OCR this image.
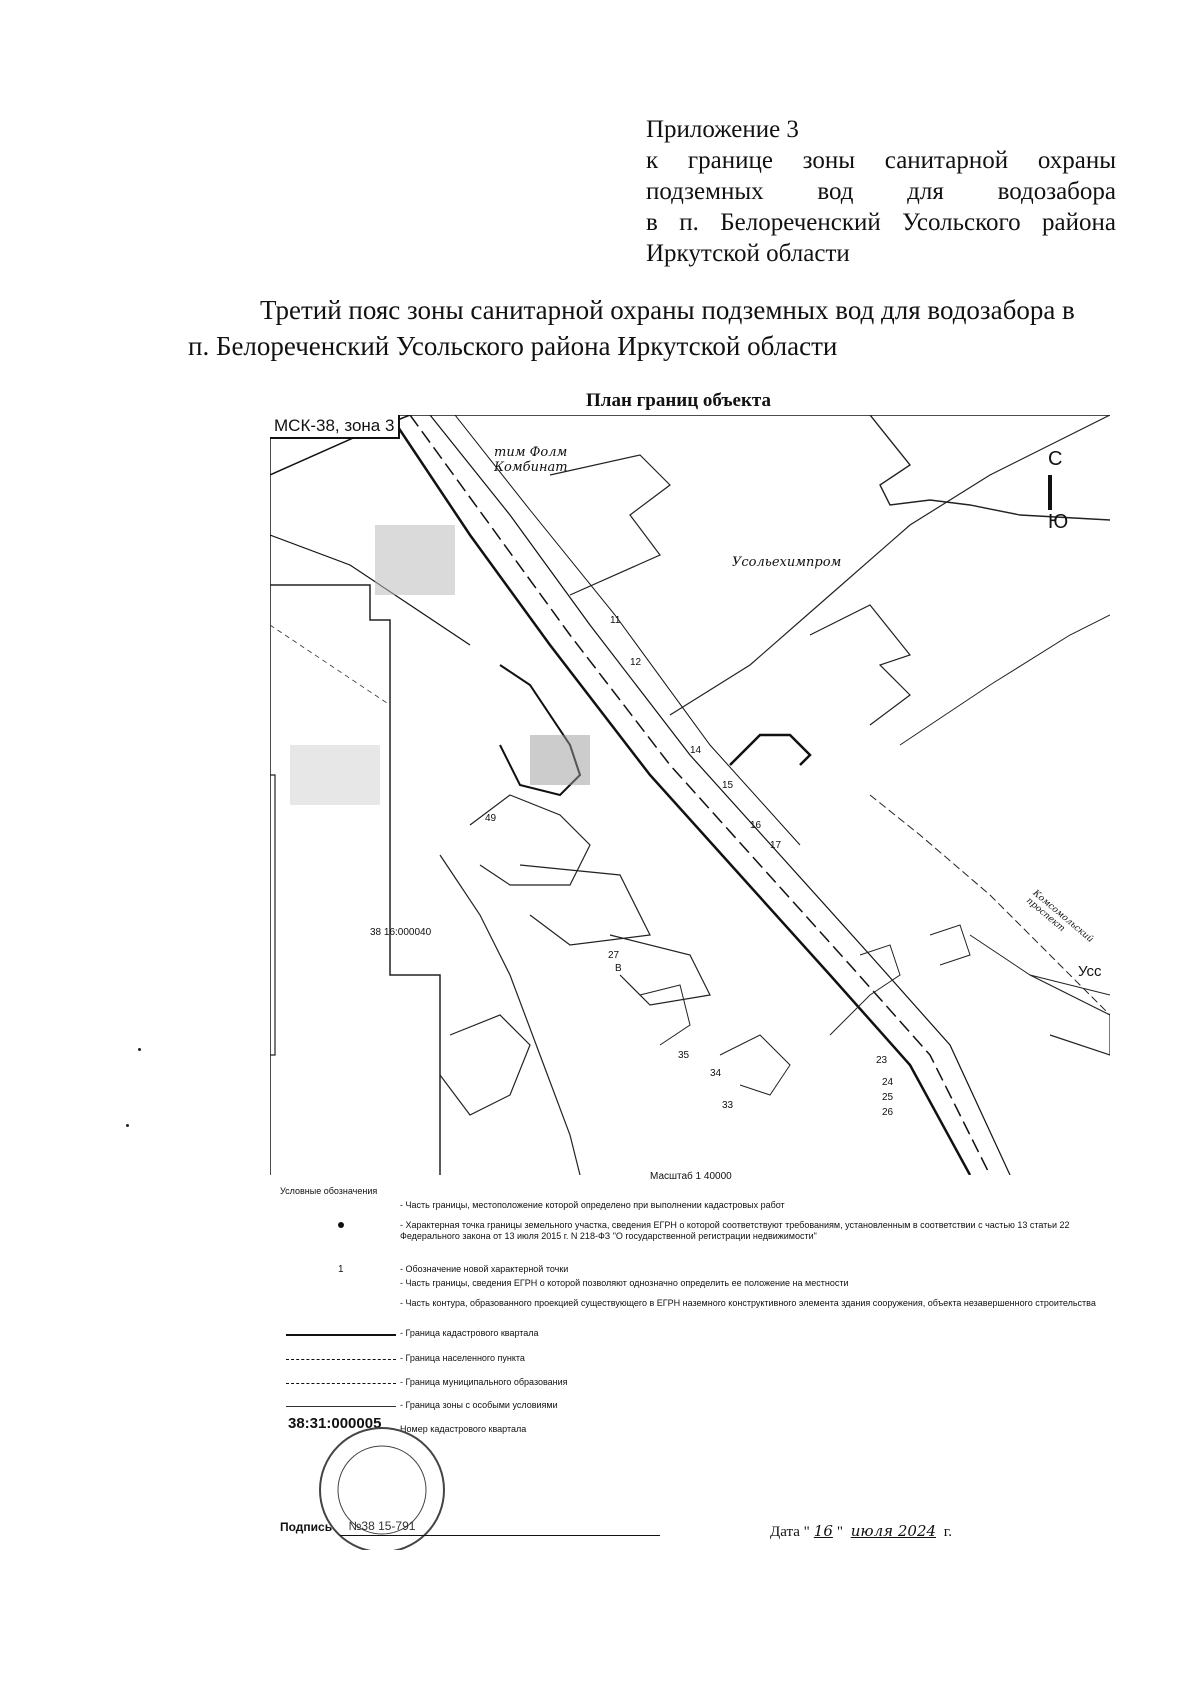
Приложение 3
к границе зоны санитарной охраны
подземных вод для водозабора
в п. Белореченский Усольского района
Иркутской области
Третий пояс зоны санитарной охраны подземных вод для водозабора в
п. Белореченский Усольского района Иркутской области
План границ объекта
МСК-38, зона 3
С
Ю
тим Фолм Комбинат
Усольехимпром
38 16:000040
Усс
Комсомольский проспект
В
11
12
14
15
16
17
23
24
25
26
27
33
34
35
49
Масштаб 1 40000
Условные обозначения
- Часть границы, местоположение которой определено при выполнении кадастровых работ
- Характерная точка границы земельного участка, сведения ЕГРН о которой соответствуют требованиям, установленным в соответствии с частью 13 статьи 22 Федерального закона от 13 июля 2015 г. N 218-ФЗ "О государственной регистрации недвижимости"
1	- Обозначение новой характерной точки
- Часть границы, сведения ЕГРН о которой позволяют однозначно определить ее положение на местности
- Часть контура, образованного проекцией существующего в ЕГРН наземного конструктивного элемента здания сооружения, объекта незавершенного строительства
- Граница кадастрового квартала
- Граница населенного пункта
- Граница муниципального образования
- Граница зоны с особыми условиями
Номер кадастрового квартала
38:31:000005
№38 15-791
Подпись	Дата " 16 " июля 2024 г.
